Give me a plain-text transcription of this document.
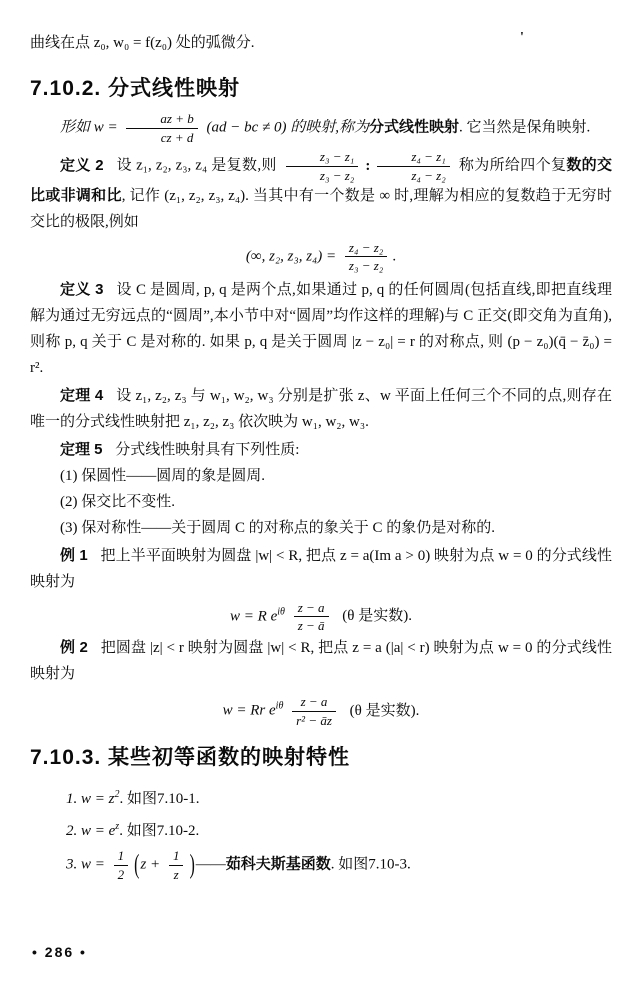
'

曲线在点 z₀, w₀ = f(z₀) 处的弧微分.

7.10.2. 分式线性映射

形如 $w = \frac{az + b}{cz + d} (ad$ − bc ≠ 0) 的映射,称为分式线性映射. 它当然是保角映射.

定义 2 设 z₁, z₂, z₃, z₄ 是复数,则 $\frac{\text{z₃ − z₁}}{\text{z₃ − z₂}}$ : $\frac{\text{z₄ − z₁}}{\text{z₄ − z₂}}$ 称为所给四个复数的交比或非调和比, 记作 (z₁, z₂, z₃, z₄). 当其中有一个数是 ∞ 时,理解为相应的复数趋于无穷时交比的极限,例如

(∞, z₂, z₃, $z_4) = \frac{\text{z₄ − z₂}}{\text{z₃ − z₂}}$ .

定义 3 设 C 是圆周, p, q 是两个点,如果通过 p, q 的任何圆周(包括直线,即把直线理解为通过无穷远点的“圆周”,本小节中对“圆周”均作这样的理解)与 C 正交(即交角为直角), 则称 p, q 关于 C 是对称的. 如果 p, q 是关于圆周 |z − z₀| = r 的对称点, 则 (p − z₀)(q̄ − z̄₀) = r².

定理 4 设 z₁, z₂, z₃ 与 w₁, w₂, w₃ 分别是扩张 z、w 平面上任何三个不同的点,则存在唯一的分式线性映射把 z₁, z₂, z₃ 依次映为 w₁, w₂, w₃.

定理 5 分式线性映射具有下列性质:

(1) 保圆性——圆周的象是圆周.

(2) 保交比不变性.

(3) 保对称性——关于圆周 C 的对称点的象关于 C 的象仍是对称的.

例 1 把上半平面映射为圆盘 |w| < R, 把点 z = a(Im a > 0) 映射为点 w = 0 的分式线性映射为

w = R $e^{i\theta} \frac{z - a}{z - ā} (\theta$ 是实数).

例 2 把圆盘 |z| < r 映射为圆盘 |w| < R, 把点 z = a (|a| < r) 映射为点 w = 0 的分式线性映射为

w = Rr $e^{i\theta} \frac{z - a}{\text{r² − āz}} (\theta$ 是实数).
7.10.3. 某些初等函数的映射特性

1. $w = z^2$. 如图7.10-1.

2. $w = e^z$. 如图7.10-2.

3. $w = \frac{1}{2} (z + \frac{1}{z}$ )——茹科夫斯基函数. 如图7.10-3.

• 286 •
